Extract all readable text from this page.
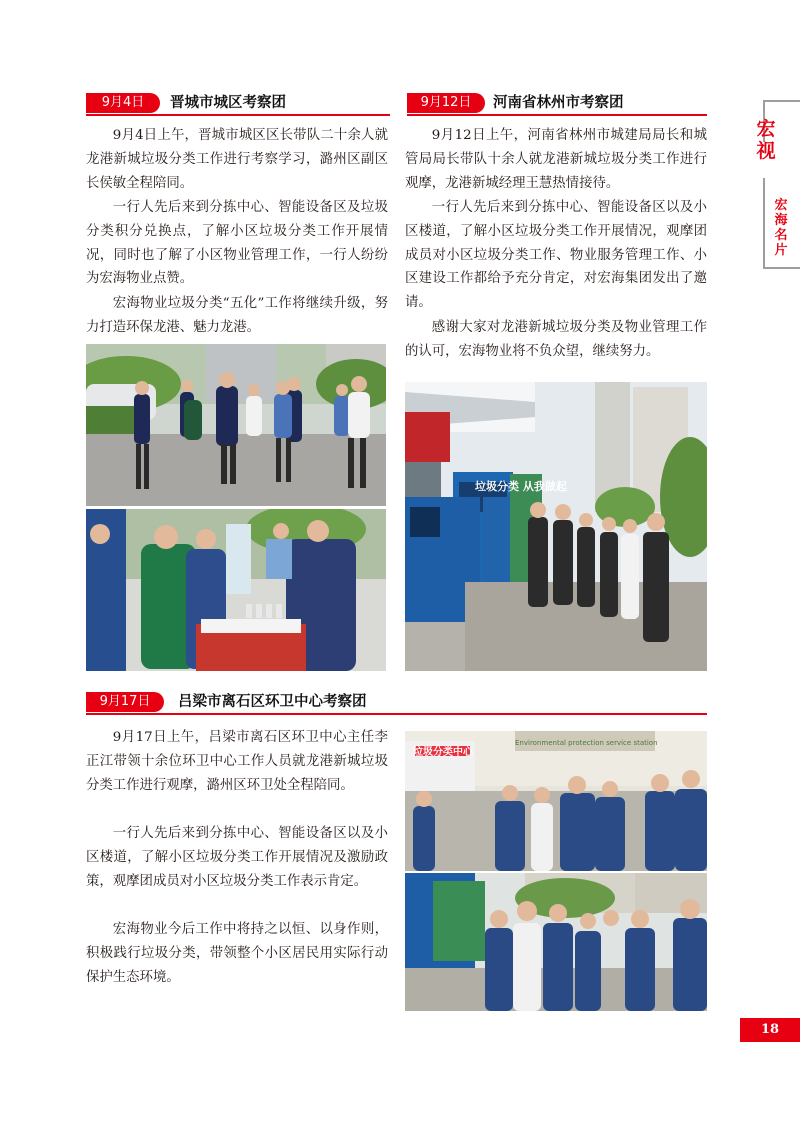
宏视
宏海名片
9月4日	晋城市城区考察团

9月4日上午，晋城市城区区长带队二十余人就龙港新城垃圾分类工作进行考察学习，潞州区副区长侯敏全程陪同。

一行人先后来到分拣中心、智能设备区及垃圾分类积分兑换点，了解小区垃圾分类工作开展情况，同时也了解了小区物业管理工作，一行人纷纷为宏海物业点赞。

宏海物业垃圾分类“五化”工作将继续升级，努力打造环保龙港、魅力龙港。

9月12日	河南省林州市考察团

9月12日上午，河南省林州市城建局局长和城管局局长带队十余人就龙港新城垃圾分类工作进行观摩，龙港新城经理王慧热情接待。

一行人先后来到分拣中心、智能设备区以及小区楼道，了解小区垃圾分类工作开展情况，观摩团成员对小区垃圾分类工作、物业服务管理工作、小区建设工作都给予充分肯定，对宏海集团发出了邀请。

感谢大家对龙港新城垃圾分类及物业管理工作的认可，宏海物业将不负众望，继续努力。

垃圾分类 从我做起
9月17日	吕梁市离石区环卫中心考察团

9月17日上午，吕梁市离石区环卫中心主任李正江带领十余位环卫中心工作人员就龙港新城垃圾分类工作进行观摩，潞州区环卫处全程陪同。

一行人先后来到分拣中心、智能设备区以及小区楼道，了解小区垃圾分类工作开展情况及激励政策，观摩团成员对小区垃圾分类工作表示肯定。

宏海物业今后工作中将持之以恒、以身作则，积极践行垃圾分类，带领整个小区居民用实际行动保护生态环境。

垃圾分类中心
Environmental protection service station
18
